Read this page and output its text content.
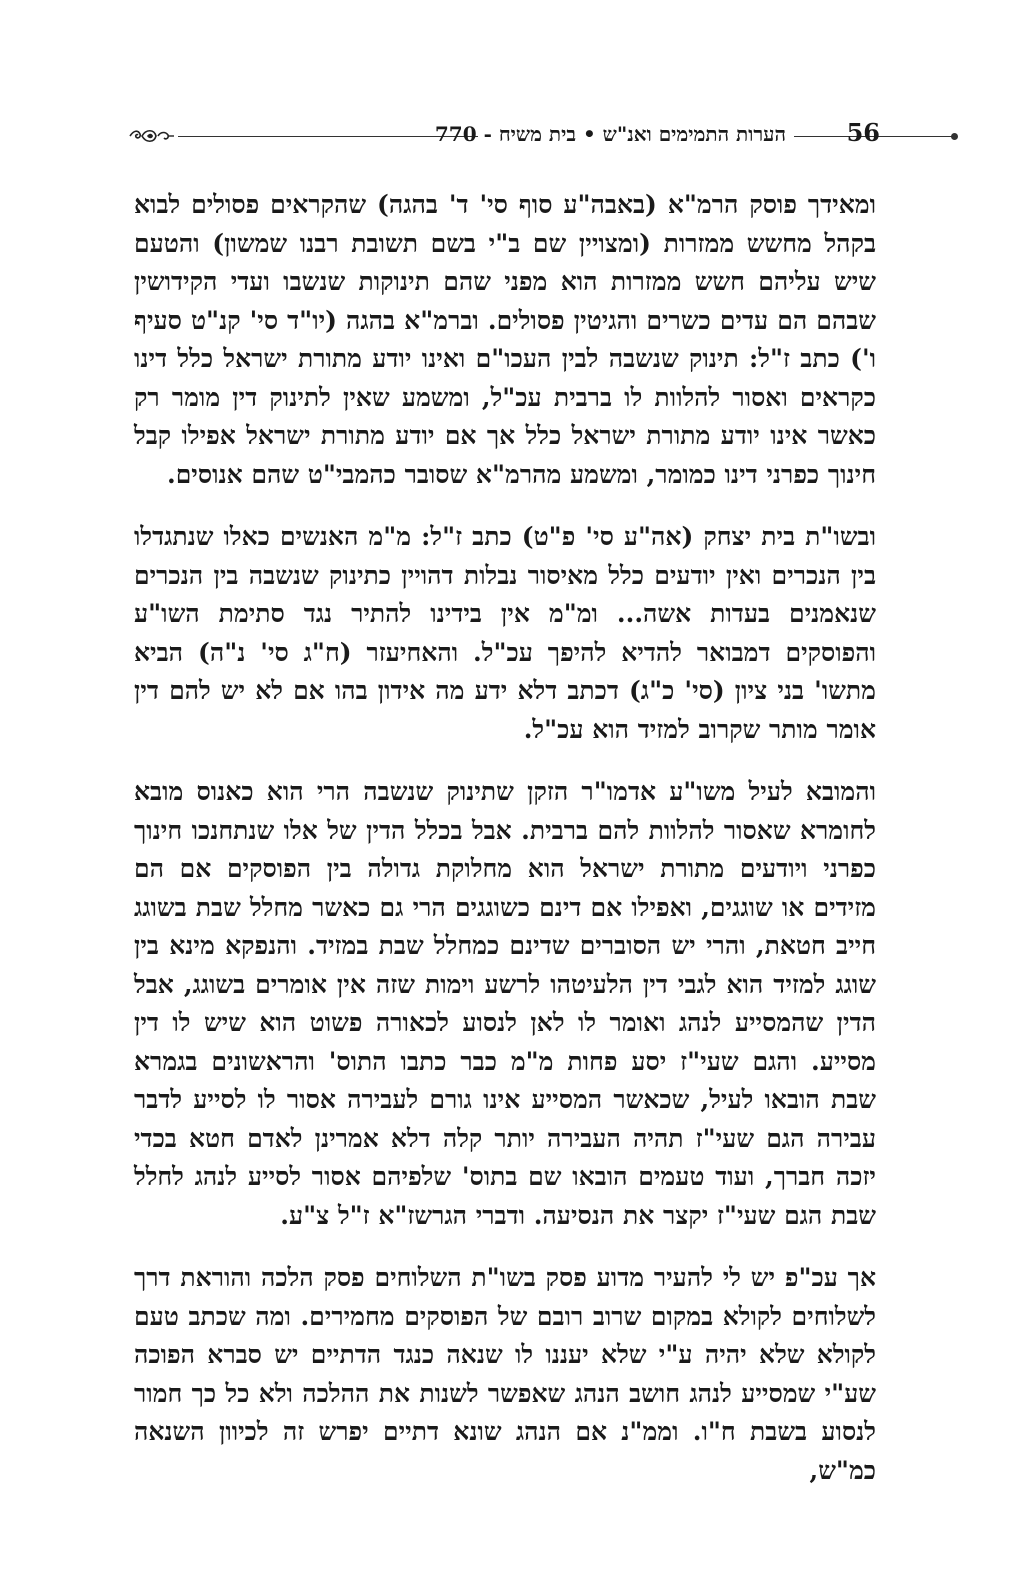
הערות התמימים ואנ"ש • בית משיח - 770	56

ומאידך פוסק הרמ"א (באבה"ע סוף סי' ד' בהגה) שהקראים פסולים לבוא בקהל מחשש ממזרות (ומצויין שם ב"י בשם תשובת רבנו שמשון) והטעם שיש עליהם חשש ממזרות הוא מפני שהם תינוקות שנשבו ועדי הקידושין שבהם הם עדים כשרים והגיטין פסולים. וברמ"א בהגה (יו"ד סי' קנ"ט סעיף ו') כתב ז"ל: תינוק שנשבה לבין העכו"ם ואינו יודע מתורת ישראל כלל דינו כקראים ואסור להלוות לו ברבית עכ"ל, ומשמע שאין לתינוק דין מומר רק כאשר אינו יודע מתורת ישראל כלל אך אם יודע מתורת ישראל אפילו קבל חינוך כפרני דינו כמומר, ומשמע מהרמ"א שסובר כהמבי"ט שהם אנוסים.

ובשו"ת בית יצחק (אה"ע סי' פ"ט) כתב ז"ל: מ"מ האנשים כאלו שנתגדלו בין הנכרים ואין יודעים כלל מאיסור נבלות דהויין כתינוק שנשבה בין הנכרים שנאמנים בעדות אשה... ומ"מ אין בידינו להתיר נגד סתימת השו"ע והפוסקים דמבואר להדיא להיפך עכ"ל. והאחיעזר (ח"ג סי' נ"ה) הביא מתשו' בני ציון (סי' כ"ג) דכתב דלא ידע מה אידון בהו אם לא יש להם דין אומר מותר שקרוב למזיד הוא עכ"ל.

והמובא לעיל משו"ע אדמו"ר הזקן שתינוק שנשבה הרי הוא כאנוס מובא לחומרא שאסור להלוות להם ברבית. אבל בכלל הדין של אלו שנתחנכו חינוך כפרני ויודעים מתורת ישראל הוא מחלוקת גדולה בין הפוסקים אם הם מזידים או שוגגים, ואפילו אם דינם כשוגגים הרי גם כאשר מחלל שבת בשוגג חייב חטאת, והרי יש הסוברים שדינם כמחלל שבת במזיד. והנפקא מינא בין שוגג למזיד הוא לגבי דין הלעיטהו לרשע וימות שזה אין אומרים בשוגג, אבל הדין שהמסייע לנהג ואומר לו לאן לנסוע לכאורה פשוט הוא שיש לו דין מסייע. והגם שעי"ז יסע פחות מ"מ כבר כתבו התוס' והראשונים בגמרא שבת הובאו לעיל, שכאשר המסייע אינו גורם לעבירה אסור לו לסייע לדבר עבירה הגם שעי"ז תהיה העבירה יותר קלה דלא אמרינן לאדם חטא בכדי יזכה חברך, ועוד טעמים הובאו שם בתוס' שלפיהם אסור לסייע לנהג לחלל שבת הגם שעי"ז יקצר את הנסיעה. ודברי הגרשז"א ז"ל צ"ע.

אך עכ"פ יש לי להעיר מדוע פסק בשו"ת השלוחים פסק הלכה והוראת דרך לשלוחים לקולא במקום שרוב רובם של הפוסקים מחמירים. ומה שכתב טעם לקולא שלא יהיה ע"י שלא יעננו לו שנאה כנגד הדתיים יש סברא הפוכה שע"י שמסייע לנהג חושב הנהג שאפשר לשנות את ההלכה ולא כל כך חמור לנסוע בשבת ח"ו. וממ"נ אם הנהג שונא דתיים יפרש זה לכיוון השנאה כמ"ש,
